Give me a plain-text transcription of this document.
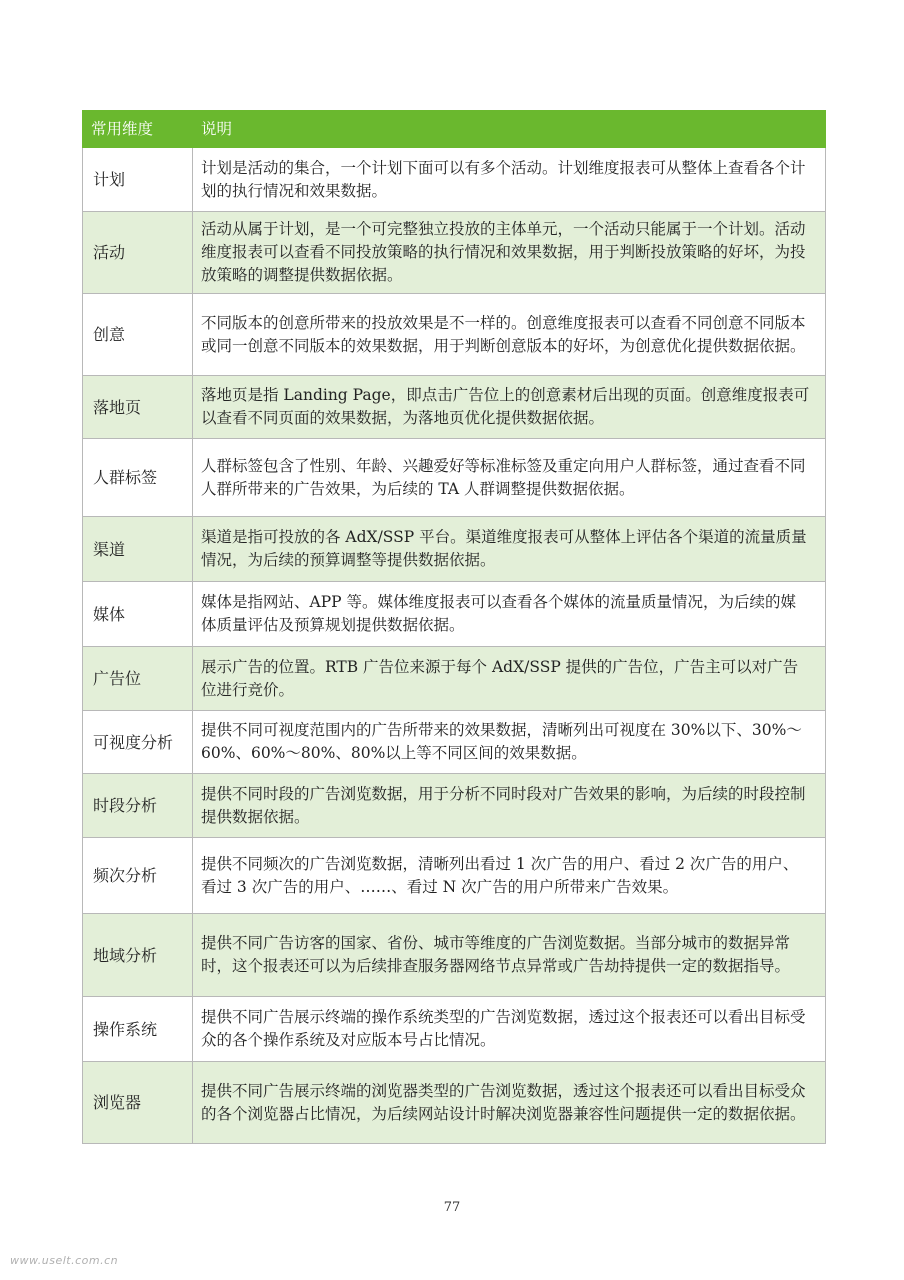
常用维度	说明
计划	计划是活动的集合，一个计划下面可以有多个活动。计划维度报表可从整体上查看各个计划的执行情况和效果数据。
活动	活动从属于计划，是一个可完整独立投放的主体单元，一个活动只能属于一个计划。活动维度报表可以查看不同投放策略的执行情况和效果数据，用于判断投放策略的好坏，为投放策略的调整提供数据依据。
创意	不同版本的创意所带来的投放效果是不一样的。创意维度报表可以查看不同创意不同版本或同一创意不同版本的效果数据，用于判断创意版本的好坏，为创意优化提供数据依据。
落地页	落地页是指 Landing Page，即点击广告位上的创意素材后出现的页面。创意维度报表可以查看不同页面的效果数据，为落地页优化提供数据依据。
人群标签	人群标签包含了性别、年龄、兴趣爱好等标准标签及重定向用户人群标签，通过查看不同人群所带来的广告效果，为后续的 TA 人群调整提供数据依据。
渠道	渠道是指可投放的各 AdX/SSP 平台。渠道维度报表可从整体上评估各个渠道的流量质量情况，为后续的预算调整等提供数据依据。
媒体	媒体是指网站、APP 等。媒体维度报表可以查看各个媒体的流量质量情况，为后续的媒体质量评估及预算规划提供数据依据。
广告位	展示广告的位置。RTB 广告位来源于每个 AdX/SSP 提供的广告位，广告主可以对广告位进行竞价。
可视度分析	提供不同可视度范围内的广告所带来的效果数据，清晰列出可视度在 30%以下、30%～60%、60%～80%、80%以上等不同区间的效果数据。
时段分析	提供不同时段的广告浏览数据，用于分析不同时段对广告效果的影响，为后续的时段控制提供数据依据。
频次分析	提供不同频次的广告浏览数据，清晰列出看过 1 次广告的用户、看过 2 次广告的用户、看过 3 次广告的用户、……、看过 N 次广告的用户所带来广告效果。
地域分析	提供不同广告访客的国家、省份、城市等维度的广告浏览数据。当部分城市的数据异常时，这个报表还可以为后续排查服务器网络节点异常或广告劫持提供一定的数据指导。
操作系统	提供不同广告展示终端的操作系统类型的广告浏览数据，透过这个报表还可以看出目标受众的各个操作系统及对应版本号占比情况。
浏览器	提供不同广告展示终端的浏览器类型的广告浏览数据，透过这个报表还可以看出目标受众的各个浏览器占比情况，为后续网站设计时解决浏览器兼容性问题提供一定的数据依据。
77
www.uselt.com.cn
